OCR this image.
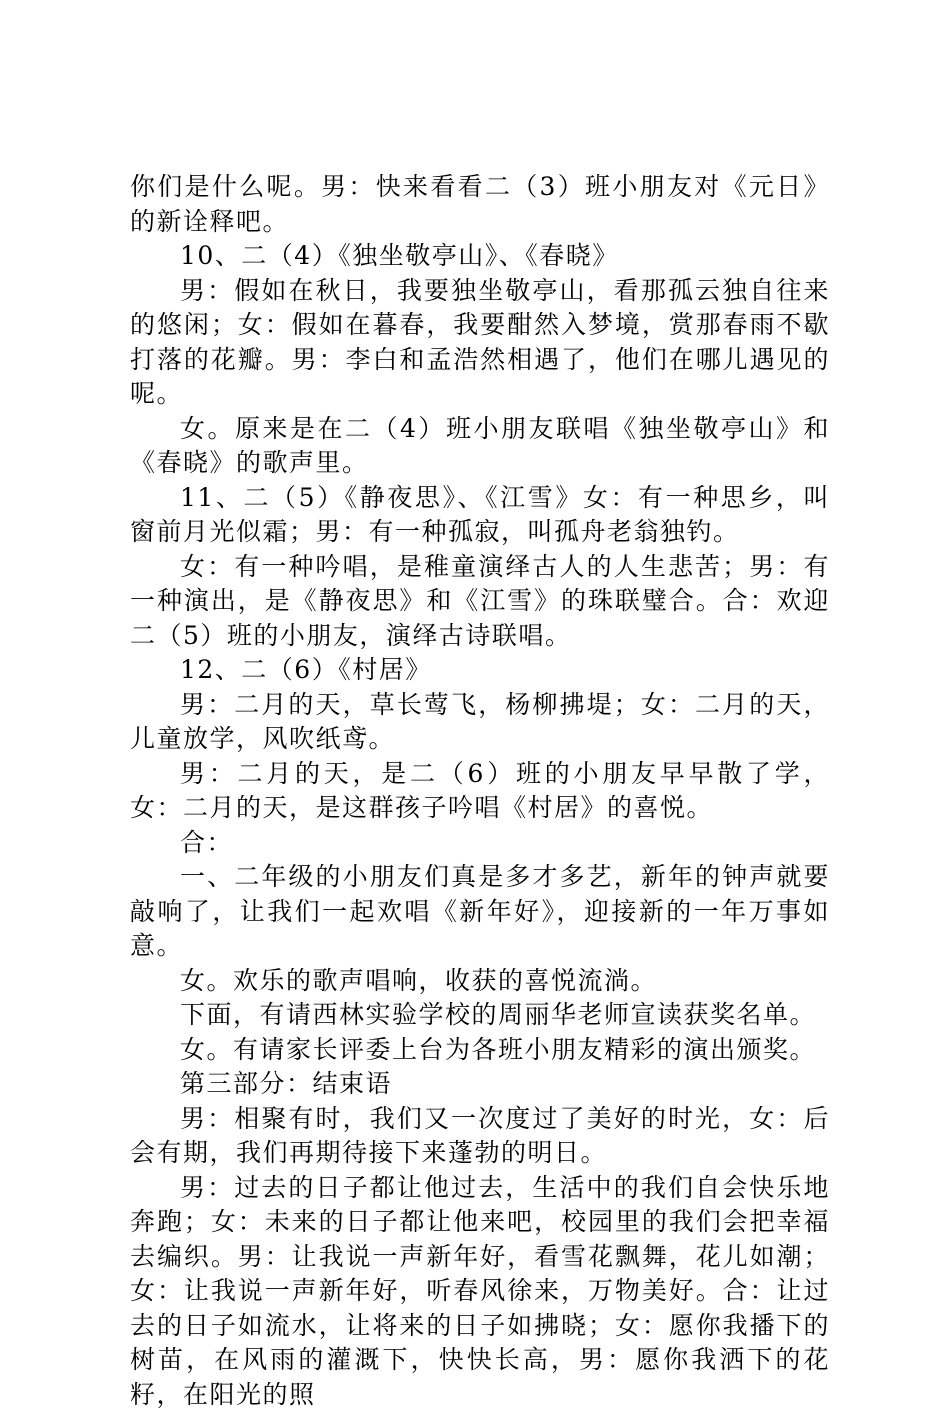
你们是什么呢。男：快来看看二（3）班小朋友对《元日》的新诠释吧。

10、二（4）《独坐敬亭山》、《春晓》

男：假如在秋日，我要独坐敬亭山，看那孤云独自往来的悠闲；女：假如在暮春，我要酣然入梦境，赏那春雨不歇打落的花瓣。男：李白和孟浩然相遇了，他们在哪儿遇见的呢。

女。原来是在二（4）班小朋友联唱《独坐敬亭山》和《春晓》的歌声里。

11、二（5）《静夜思》、《江雪》女：有一种思乡，叫窗前月光似霜；男：有一种孤寂，叫孤舟老翁独钓。

女：有一种吟唱，是稚童演绎古人的人生悲苦；男：有一种演出，是《静夜思》和《江雪》的珠联璧合。合：欢迎二（5）班的小朋友，演绎古诗联唱。

12、二（6）《村居》

男：二月的天，草长莺飞，杨柳拂堤；女：二月的天，儿童放学，风吹纸鸢。

男：二月的天，是二（6）班的小朋友早早散了学，女：二月的天，是这群孩子吟唱《村居》的喜悦。

合：

一、二年级的小朋友们真是多才多艺，新年的钟声就要敲响了，让我们一起欢唱《新年好》，迎接新的一年万事如意。

女。欢乐的歌声唱响，收获的喜悦流淌。

下面，有请西林实验学校的周丽华老师宣读获奖名单。

女。有请家长评委上台为各班小朋友精彩的演出颁奖。

第三部分：结束语

男：相聚有时，我们又一次度过了美好的时光，女：后会有期，我们再期待接下来蓬勃的明日。

男：过去的日子都让他过去，生活中的我们自会快乐地奔跑；女：未来的日子都让他来吧，校园里的我们会把幸福去编织。男：让我说一声新年好，看雪花飘舞，花儿如潮；女：让我说一声新年好，听春风徐来，万物美好。合：让过去的日子如流水，让将来的日子如拂晓；女：愿你我播下的树苗，在风雨的灌溉下，快快长高，男：愿你我洒下的花籽，在阳光的照
